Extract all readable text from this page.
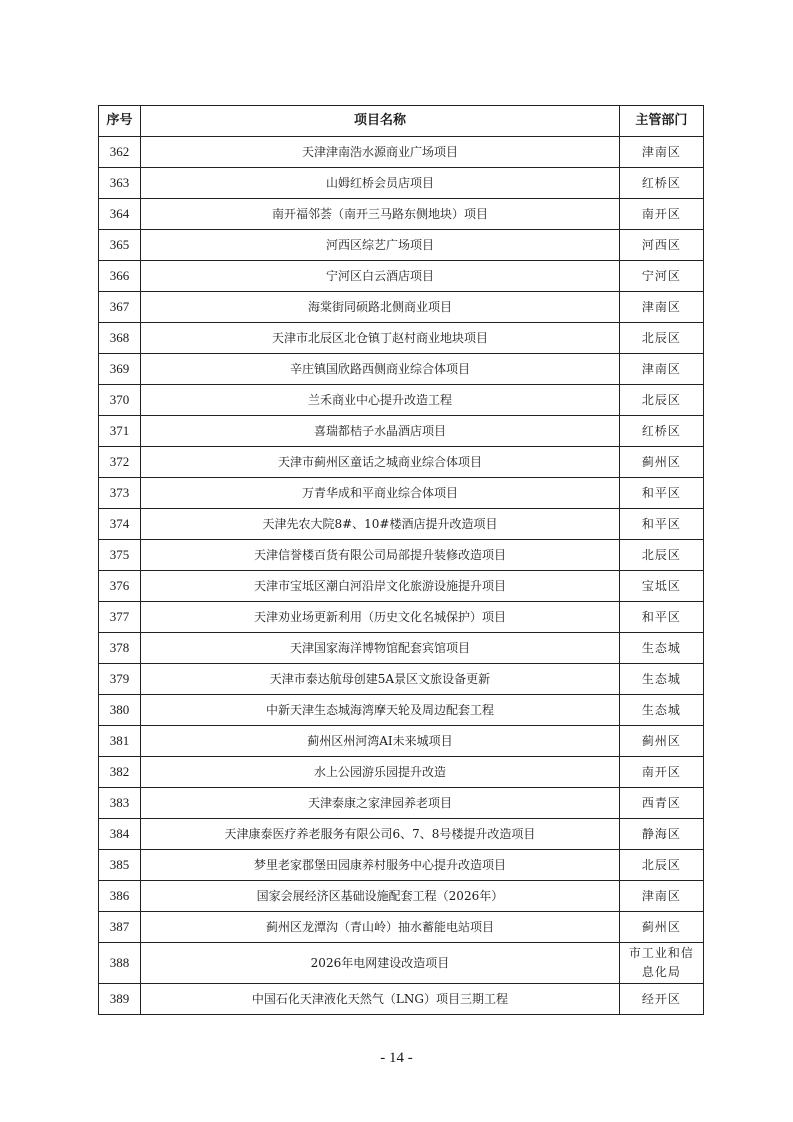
序号	项目名称	主管部门
362	天津津南浩水源商业广场项目	津南区
363	山姆红桥会员店项目	红桥区
364	南开福邻荟（南开三马路东侧地块）项目	南开区
365	河西区综艺广场项目	河西区
366	宁河区白云酒店项目	宁河区
367	海棠街同硕路北侧商业项目	津南区
368	天津市北辰区北仓镇丁赵村商业地块项目	北辰区
369	辛庄镇国欣路西侧商业综合体项目	津南区
370	兰禾商业中心提升改造工程	北辰区
371	喜瑞都桔子水晶酒店项目	红桥区
372	天津市蓟州区童话之城商业综合体项目	蓟州区
373	万青华成和平商业综合体项目	和平区
374	天津先农大院8#、10#楼酒店提升改造项目	和平区
375	天津信誉楼百货有限公司局部提升装修改造项目	北辰区
376	天津市宝坻区潮白河沿岸文化旅游设施提升项目	宝坻区
377	天津劝业场更新利用（历史文化名城保护）项目	和平区
378	天津国家海洋博物馆配套宾馆项目	生态城
379	天津市泰达航母创建5A景区文旅设备更新	生态城
380	中新天津生态城海湾摩天轮及周边配套工程	生态城
381	蓟州区州河湾AI未来城项目	蓟州区
382	水上公园游乐园提升改造	南开区
383	天津泰康之家津园养老项目	西青区
384	天津康泰医疗养老服务有限公司6、7、8号楼提升改造项目	静海区
385	梦里老家郡堡田园康养村服务中心提升改造项目	北辰区
386	国家会展经济区基础设施配套工程（2026年）	津南区
387	蓟州区龙潭沟（青山岭）抽水蓄能电站项目	蓟州区
388	2026年电网建设改造项目	市工业和信息化局
389	中国石化天津液化天然气（LNG）项目三期工程	经开区
- 14 -
